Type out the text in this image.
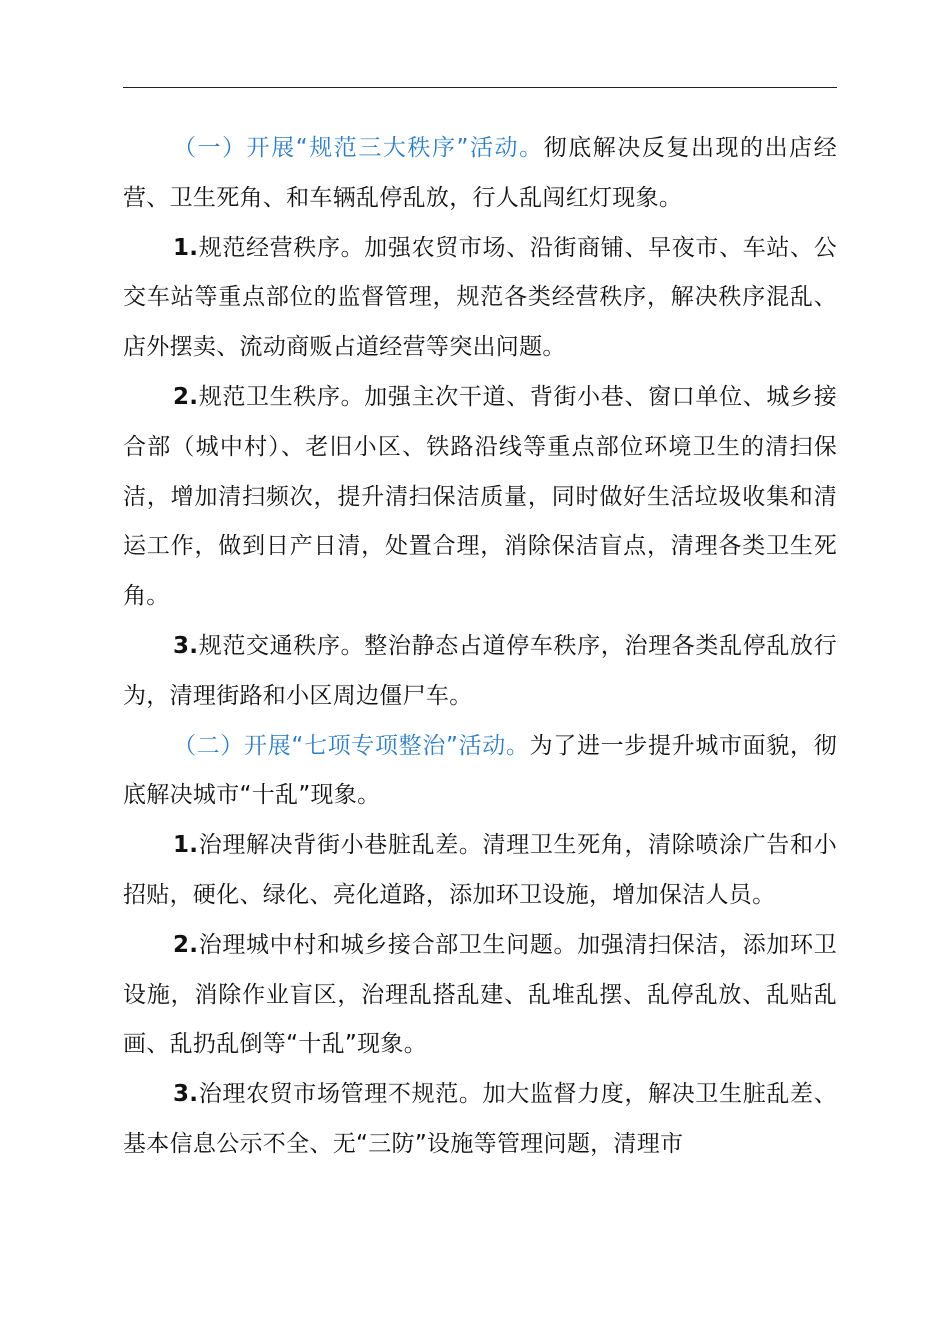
（一）开展“规范三大秩序”活动。彻底解决反复出现的出店经营、卫生死角、和车辆乱停乱放，行人乱闯红灯现象。

1.规范经营秩序。加强农贸市场、沿街商铺、早夜市、车站、公交车站等重点部位的监督管理，规范各类经营秩序，解决秩序混乱、店外摆卖、流动商贩占道经营等突出问题。

2.规范卫生秩序。加强主次干道、背街小巷、窗口单位、城乡接合部（城中村）、老旧小区、铁路沿线等重点部位环境卫生的清扫保洁，增加清扫频次，提升清扫保洁质量，同时做好生活垃圾收集和清运工作，做到日产日清，处置合理，消除保洁盲点，清理各类卫生死角。

3.规范交通秩序。整治静态占道停车秩序，治理各类乱停乱放行为，清理街路和小区周边僵尸车。

（二）开展“七项专项整治”活动。为了进一步提升城市面貌，彻底解决城市“十乱”现象。

1.治理解决背街小巷脏乱差。清理卫生死角，清除喷涂广告和小招贴，硬化、绿化、亮化道路，添加环卫设施，增加保洁人员。

2.治理城中村和城乡接合部卫生问题。加强清扫保洁，添加环卫设施，消除作业盲区，治理乱搭乱建、乱堆乱摆、乱停乱放、乱贴乱画、乱扔乱倒等“十乱”现象。

3.治理农贸市场管理不规范。加大监督力度，解决卫生脏乱差、基本信息公示不全、无“三防”设施等管理问题，清理市
